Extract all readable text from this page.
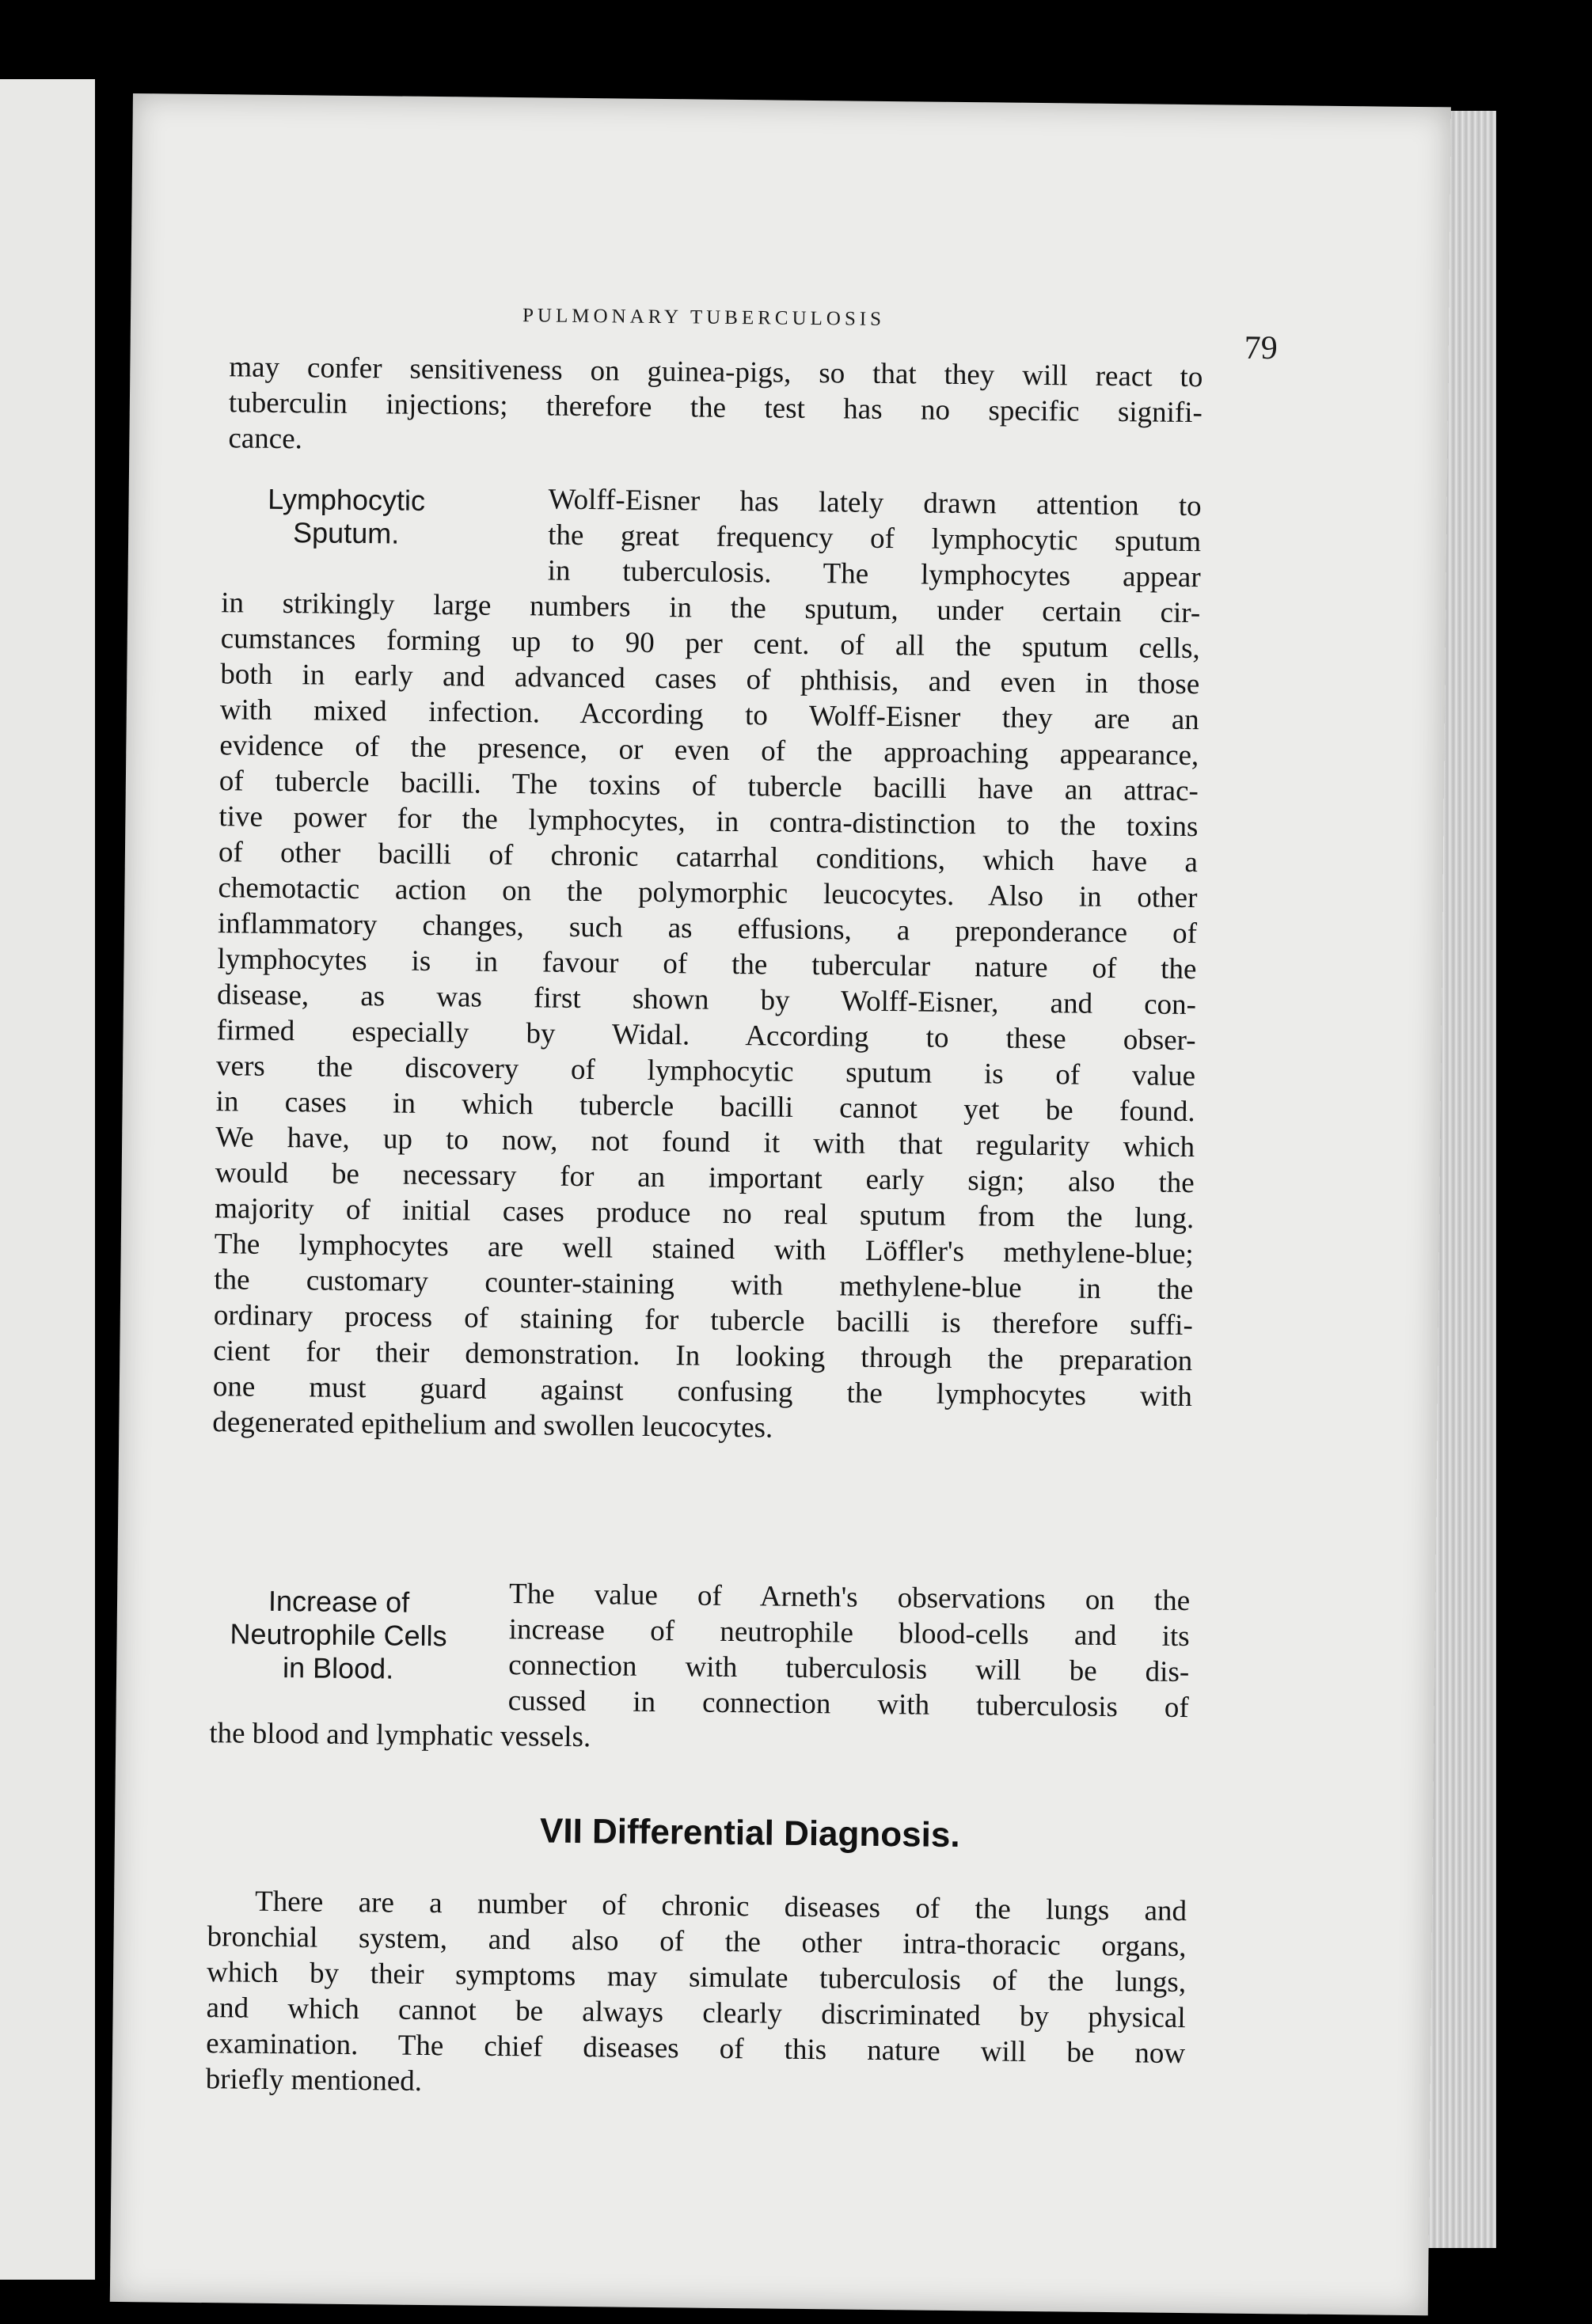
PULMONARY TUBERCULOSIS
79
may confer sensitiveness on guinea-pigs, so that they will react to
tuberculin injections; therefore the test has no specific signifi-
cance.
Lymphocytic
Sputum.
Wolff-Eisner has lately drawn attention to
the great frequency of lymphocytic sputum
in tuberculosis. The lymphocytes appear
in strikingly large numbers in the sputum, under certain cir-
cumstances forming up to 90 per cent. of all the sputum cells,
both in early and advanced cases of phthisis, and even in those
with mixed infection. According to Wolff-Eisner they are an
evidence of the presence, or even of the approaching appearance,
of tubercle bacilli. The toxins of tubercle bacilli have an attrac-
tive power for the lymphocytes, in contra-distinction to the toxins
of other bacilli of chronic catarrhal conditions, which have a
chemotactic action on the polymorphic leucocytes. Also in other
inflammatory changes, such as effusions, a preponderance of
lymphocytes is in favour of the tubercular nature of the
disease, as was first shown by Wolff-Eisner, and con-
firmed especially by Widal. According to these obser-
vers the discovery of lymphocytic sputum is of value
in cases in which tubercle bacilli cannot yet be found.
We have, up to now, not found it with that regularity which
would be necessary for an important early sign; also the
majority of initial cases produce no real sputum from the lung.
The lymphocytes are well stained with Löffler's methylene-blue;
the customary counter-staining with methylene-blue in the
ordinary process of staining for tubercle bacilli is therefore suffi-
cient for their demonstration. In looking through the preparation
one must guard against confusing the lymphocytes with
degenerated epithelium and swollen leucocytes.
Increase of
Neutrophile Cells
in Blood.
The value of Arneth's observations on the
increase of neutrophile blood-cells and its
connection with tuberculosis will be dis-
cussed in connection with tuberculosis of
the blood and lymphatic vessels.
VII Differential Diagnosis.
There are a number of chronic diseases of the lungs and
bronchial system, and also of the other intra-thoracic organs,
which by their symptoms may simulate tuberculosis of the lungs,
and which cannot be always clearly discriminated by physical
examination. The chief diseases of this nature will be now
briefly mentioned.
